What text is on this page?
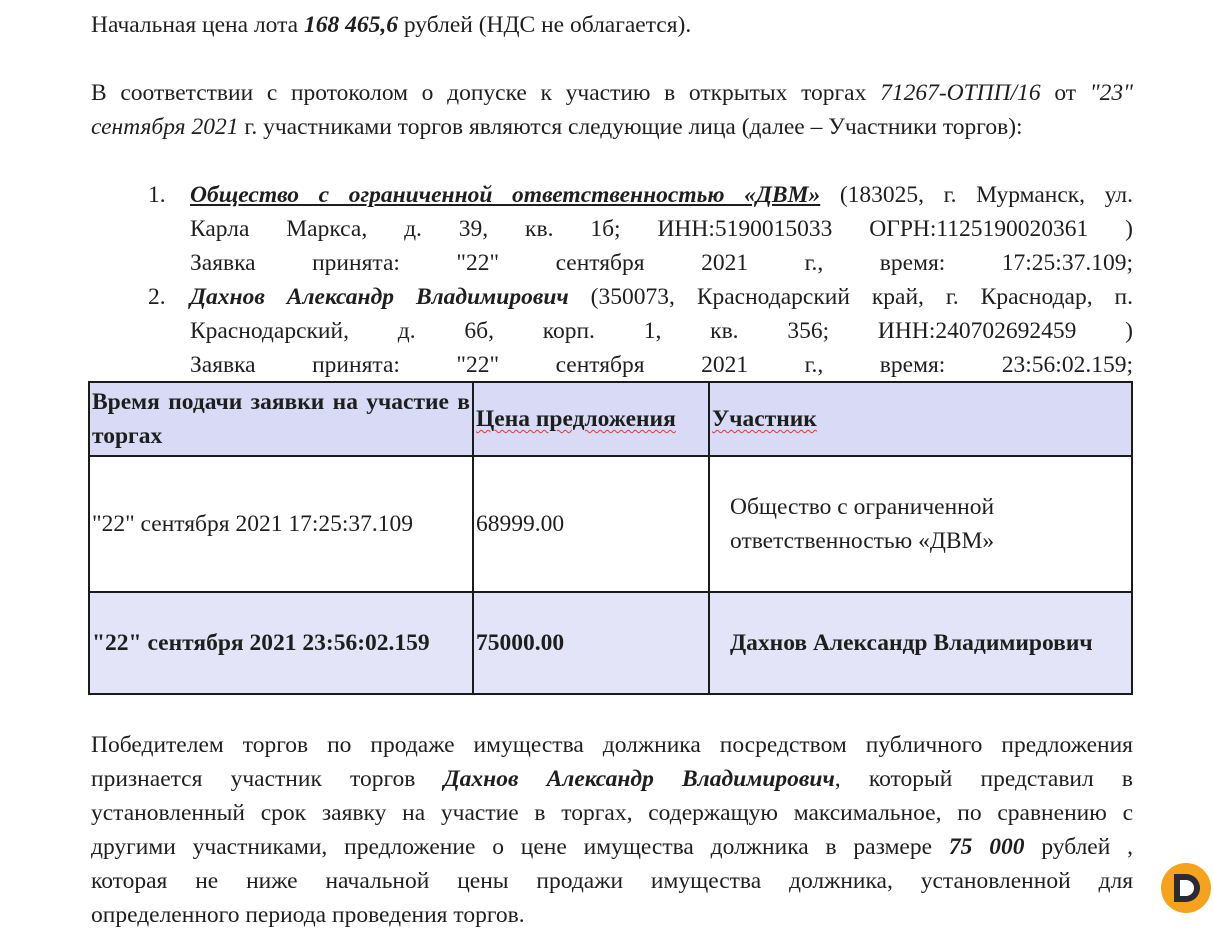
Начальная цена лота 168 465,6 рублей (НДС не облагается).

В соответствии с протоколом о допуске к участию в открытых торгах 71267-ОТПП/16 от "23"
сентября 2021 г. участниками торгов являются следующие лица (далее – Участники торгов):

1. Общество с ограниченной ответственностью «ДВМ» (183025, г. Мурманск, ул.
Карла Маркса, д. 39, кв. 1б; ИНН:5190015033 ОГРН:1125190020361 )
Заявка принята: "22" сентября 2021 г., время: 17:25:37.109;
2. Дахнов Александр Владимирович (350073, Краснодарский край, г. Краснодар, п.
Краснодарский, д. 6б, корп. 1, кв. 356; ИНН:240702692459 )
Заявка принята: "22" сентября 2021 г., время: 23:56:02.159;
Время подачи заявки на участие в торгах	Цена предложения	Участник
"22" сентября 2021 17:25:37.109	68999.00	Общество с ограниченной ответственностью «ДВМ»

"22" сентября 2021 23:56:02.159	75000.00	Дахнов Александр Владимирович

Победителем торгов по продаже имущества должника посредством публичного предложения
признается участник торгов Дахнов Александр Владимирович, который представил в
установленный срок заявку на участие в торгах, содержащую максимальное, по сравнению с
другими участниками, предложение о цене имущества должника в размере 75 000 рублей ,
которая не ниже начальной цены продажи имущества должника, установленной для
определенного периода проведения торгов.
